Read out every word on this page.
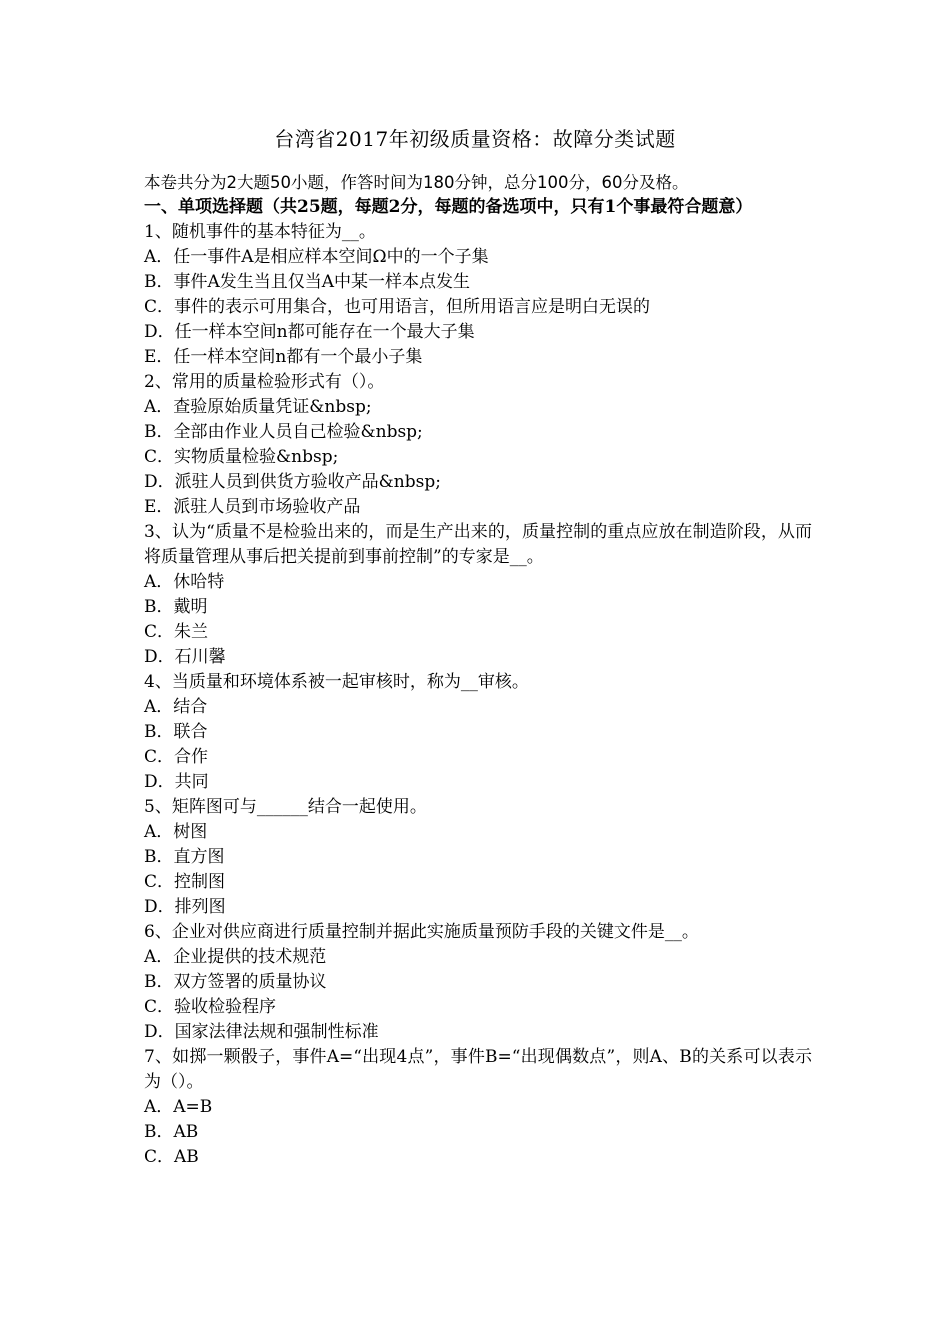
台湾省2017年初级质量资格：故障分类试题
本卷共分为2大题50小题，作答时间为180分钟，总分100分，60分及格。
一、单项选择题（共25题，每题2分，每题的备选项中，只有1个事最符合题意）
1、随机事件的基本特征为__。
A．任一事件A是相应样本空间Ω中的一个子集
B．事件A发生当且仅当A中某一样本点发生
C．事件的表示可用集合，也可用语言，但所用语言应是明白无误的
D．任一样本空间n都可能存在一个最大子集
E．任一样本空间n都有一个最小子集
2、常用的质量检验形式有（）。
A．查验原始质量凭证&nbsp;
B．全部由作业人员自己检验&nbsp;
C．实物质量检验&nbsp;
D．派驻人员到供货方验收产品&nbsp;
E．派驻人员到市场验收产品
3、认为“质量不是检验出来的，而是生产出来的，质量控制的重点应放在制造阶段，从而将质量管理从事后把关提前到事前控制”的专家是__。
A．休哈特
B．戴明
C．朱兰
D．石川馨
4、当质量和环境体系被一起审核时，称为__审核。
A．结合
B．联合
C．合作
D．共同
5、矩阵图可与______结合一起使用。
A．树图
B．直方图
C．控制图
D．排列图
6、企业对供应商进行质量控制并据此实施质量预防手段的关键文件是__。
A．企业提供的技术规范
B．双方签署的质量协议
C．验收检验程序
D．国家法律法规和强制性标准
7、如掷一颗骰子，事件A=“出现4点”，事件B=“出现偶数点”，则A、B的关系可以表示为（）。
A．A=B
B．AB
C．AB
